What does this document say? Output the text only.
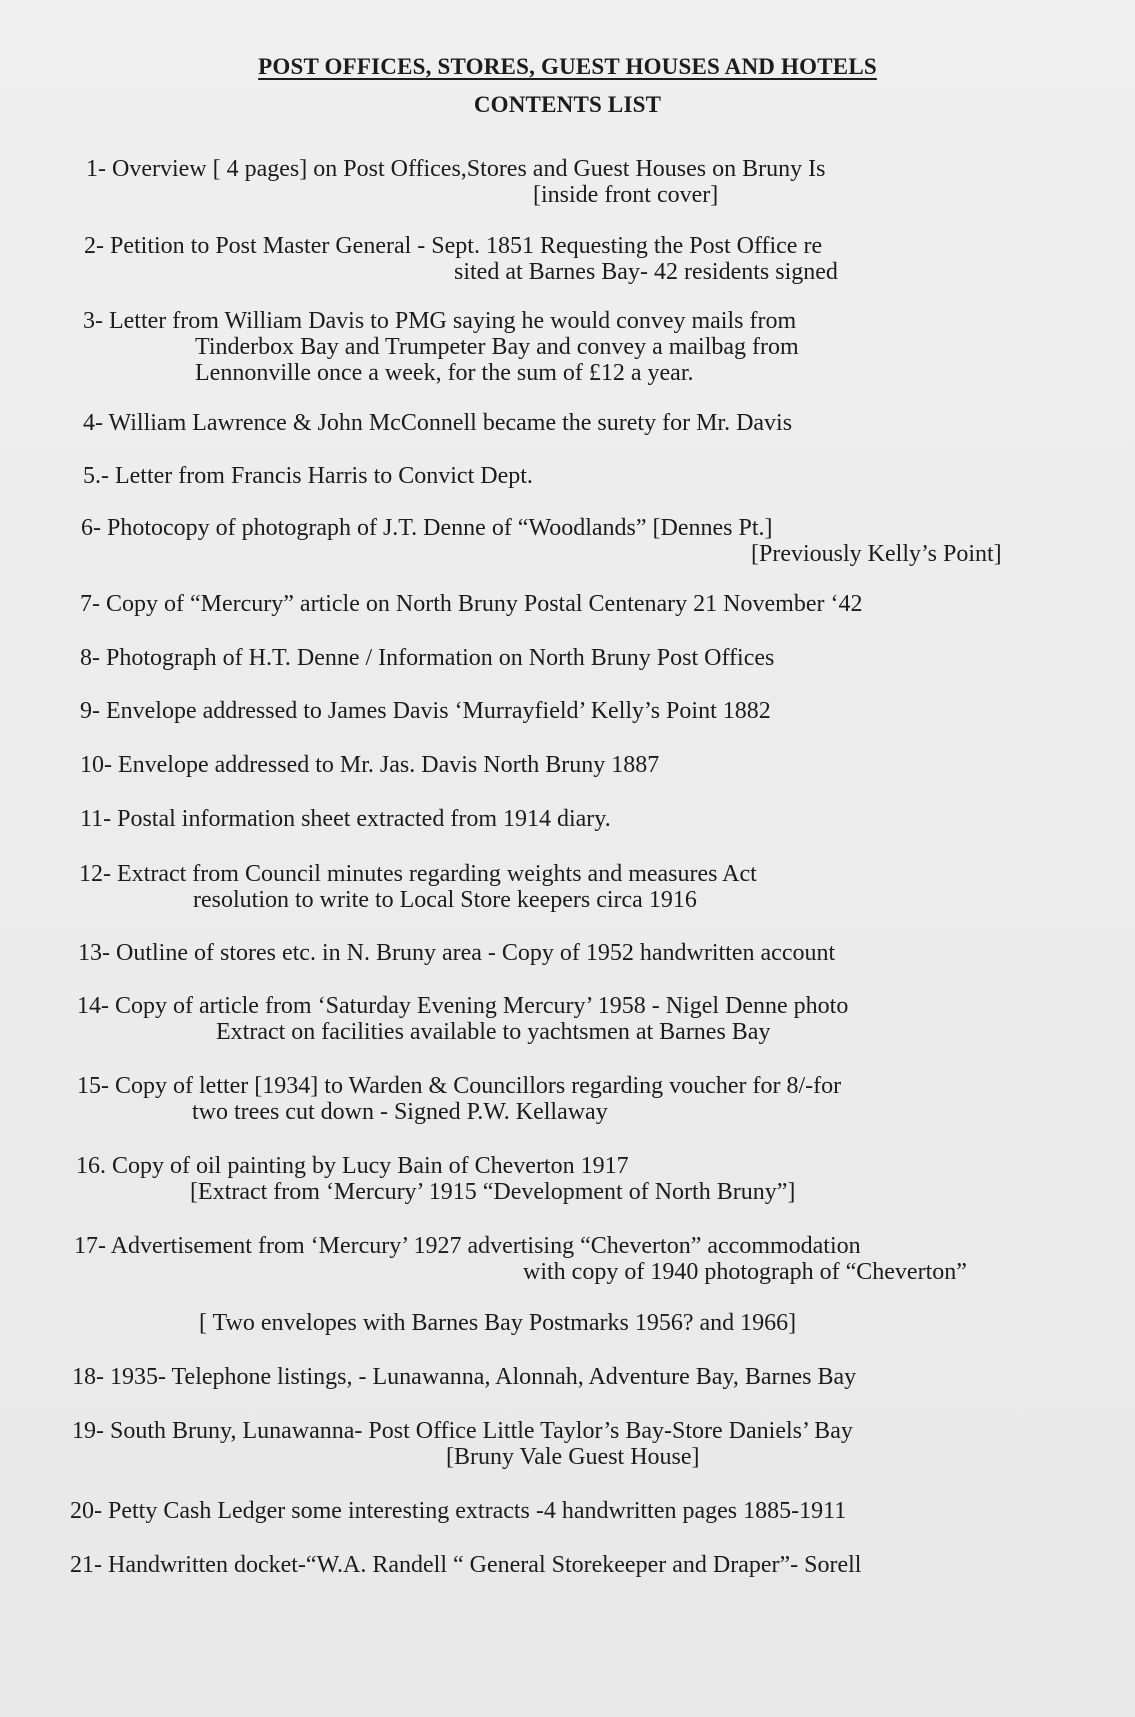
POST OFFICES, STORES, GUEST HOUSES AND HOTELS
CONTENTS LIST
1- Overview [ 4 pages] on Post Offices,Stores and Guest Houses on Bruny Is
[inside front cover]
2- Petition to Post Master General - Sept. 1851 Requesting the Post Office re
sited at Barnes Bay- 42 residents signed
3- Letter from William Davis to PMG saying he would convey mails from
Tinderbox Bay and Trumpeter Bay and convey a mailbag from
Lennonville once a week, for the sum of £12 a year.
4- William Lawrence & John McConnell became the surety for Mr. Davis
5.- Letter from Francis Harris to Convict Dept.
6- Photocopy of photograph of J.T. Denne of “Woodlands” [Dennes Pt.]
[Previously Kelly’s Point]
7- Copy of “Mercury” article on North Bruny Postal Centenary 21 November ‘42
8- Photograph of H.T. Denne / Information on North Bruny Post Offices
9- Envelope addressed to James Davis ‘Murrayfield’ Kelly’s Point 1882
10- Envelope addressed to Mr. Jas. Davis North Bruny 1887
11- Postal information sheet extracted from 1914 diary.
12- Extract from Council minutes regarding weights and measures Act
resolution to write to Local Store keepers circa 1916
13- Outline of stores etc. in N. Bruny area - Copy of 1952 handwritten account
14- Copy of article from ‘Saturday Evening Mercury’ 1958 - Nigel Denne photo
Extract on facilities available to yachtsmen at Barnes Bay
15- Copy of letter [1934] to Warden & Councillors regarding voucher for 8/-for
two trees cut down - Signed P.W. Kellaway
16. Copy of oil painting by Lucy Bain of Cheverton 1917
[Extract from ‘Mercury’ 1915 “Development of North Bruny”]
17- Advertisement from ‘Mercury’ 1927 advertising “Cheverton” accommodation
with copy of 1940 photograph of “Cheverton”
[ Two envelopes with Barnes Bay Postmarks 1956? and 1966]
18- 1935- Telephone listings, - Lunawanna, Alonnah, Adventure Bay, Barnes Bay
19- South Bruny, Lunawanna- Post Office Little Taylor’s Bay-Store Daniels’ Bay
[Bruny Vale Guest House]
20- Petty Cash Ledger some interesting extracts -4 handwritten pages 1885-1911
21- Handwritten docket-“W.A. Randell “ General Storekeeper and Draper”- Sorell
